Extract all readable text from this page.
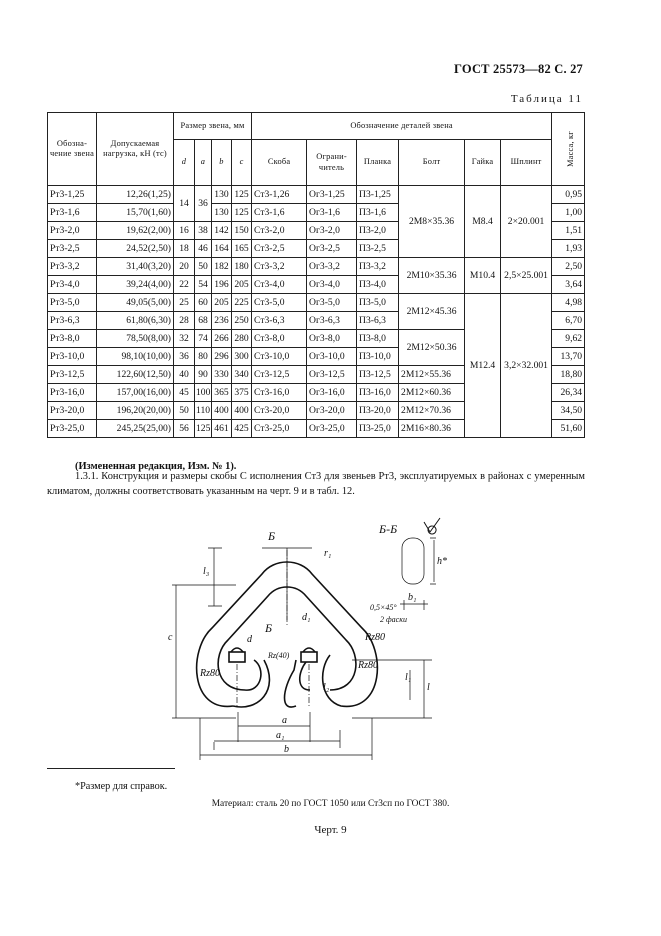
ГОСТ 25573—82 С. 27
Таблица 11
Обозна- чение звена	Допускаемая нагрузка, кН (тс)	Размер звена, мм				Обозначение деталей звена						Масса, кг
		d	a	b	c	Скоба	Ограни- читель	Планка	Болт	Гайка	Шплинт	
Рт3-1,25	12,26(1,25)	14	36	130	125	Ст3-1,26	Ог3-1,25	П3-1,25	2М8×35.36	М8.4	2×20.001	0,95
Рт3-1,6	15,70(1,60)			130	125	Ст3-1,6	Ог3-1,6	П3-1,6				1,00
Рт3-2,0	19,62(2,00)	16	38	142	150	Ст3-2,0	Ог3-2,0	П3-2,0				1,51
Рт3-2,5	24,52(2,50)	18	46	164	165	Ст3-2,5	Ог3-2,5	П3-2,5				1,93
Рт3-3,2	31,40(3,20)	20	50	182	180	Ст3-3,2	Ог3-3,2	П3-3,2	2М10×35.36	М10.4	2,5×25.001	2,50
Рт3-4,0	39,24(4,00)	22	54	196	205	Ст3-4,0	Ог3-4,0	П3-4,0				3,64
Рт3-5,0	49,05(5,00)	25	60	205	225	Ст3-5,0	Ог3-5,0	П3-5,0	2М12×45.36	М12.4	3,2×32.001	4,98
Рт3-6,3	61,80(6,30)	28	68	236	250	Ст3-6,3	Ог3-6,3	П3-6,3				6,70
Рт3-8,0	78,50(8,00)	32	74	266	280	Ст3-8,0	Ог3-8,0	П3-8,0	2М12×50.36			9,62
Рт3-10,0	98,10(10,00)	36	80	296	300	Ст3-10,0	Ог3-10,0	П3-10,0				13,70
Рт3-12,5	122,60(12,50)	40	90	330	340	Ст3-12,5	Ог3-12,5	П3-12,5	2М12×55.36			18,80
Рт3-16,0	157,00(16,00)	45	100	365	375	Ст3-16,0	Ог3-16,0	П3-16,0	2М12×60.36			26,34
Рт3-20,0	196,20(20,00)	50	110	400	400	Ст3-20,0	Ог3-20,0	П3-20,0	2М12×70.36			34,50
Рт3-25,0	245,25(25,00)	56	125	461	425	Ст3-25,0	Ог3-25,0	П3-25,0	2М16×80.36			51,60
(Измененная редакция, Изм. № 1).
1.3.1. Конструкция и размеры скобы С исполнения Ст3 для звеньев Рт3, эксплуатируемых в районах с умеренным климатом, должны соответствовать указанным на черт. 9 и в табл. 12.
Б
Б
Б-Б
r₁
l₃
c	d
d₁
Rz80
Rz80
Rz80
Rz(40)
0,5×45°
2 фаски
l
l₁
l₂
h*
b₁
a
a₁
b
*Размер для справок.
Материал: сталь 20 по ГОСТ 1050 или Ст3сп по ГОСТ 380.
Черт. 9
